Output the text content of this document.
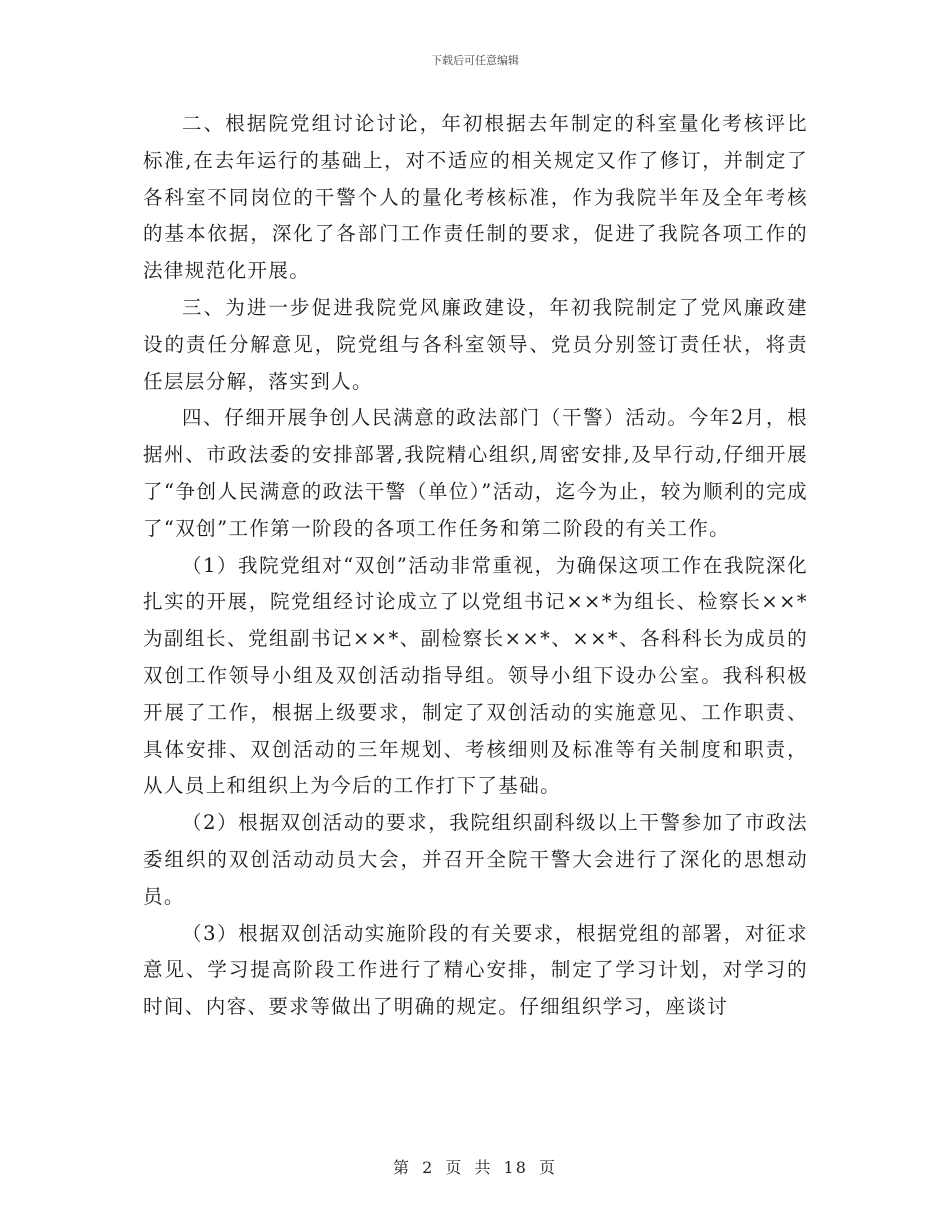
下载后可任意编辑

二、根据院党组讨论讨论，年初根据去年制定的科室量化考核评比标准,在去年运行的基础上，对不适应的相关规定又作了修订，并制定了各科室不同岗位的干警个人的量化考核标准，作为我院半年及全年考核的基本依据，深化了各部门工作责任制的要求，促进了我院各项工作的法律规范化开展。

三、为进一步促进我院党风廉政建设，年初我院制定了党风廉政建设的责任分解意见，院党组与各科室领导、党员分别签订责任状，将责任层层分解，落实到人。

四、仔细开展争创人民满意的政法部门（干警）活动。今年2月，根据州、市政法委的安排部署,我院精心组织,周密安排,及早行动,仔细开展了“争创人民满意的政法干警（单位）”活动，迄今为止，较为顺利的完成了“双创”工作第一阶段的各项工作任务和第二阶段的有关工作。

（1）我院党组对“双创”活动非常重视，为确保这项工作在我院深化扎实的开展，院党组经讨论成立了以党组书记××*为组长、检察长××*为副组长、党组副书记××*、副检察长××*、××*、各科科长为成员的双创工作领导小组及双创活动指导组。领导小组下设办公室。我科积极开展了工作，根据上级要求，制定了双创活动的实施意见、工作职责、具体安排、双创活动的三年规划、考核细则及标准等有关制度和职责，从人员上和组织上为今后的工作打下了基础。

（2）根据双创活动的要求，我院组织副科级以上干警参加了市政法委组织的双创活动动员大会，并召开全院干警大会进行了深化的思想动员。

（3）根据双创活动实施阶段的有关要求，根据党组的部署，对征求意见、学习提高阶段工作进行了精心安排，制定了学习计划，对学习的时间、内容、要求等做出了明确的规定。仔细组织学习，座谈讨

第 2 页 共 18 页
